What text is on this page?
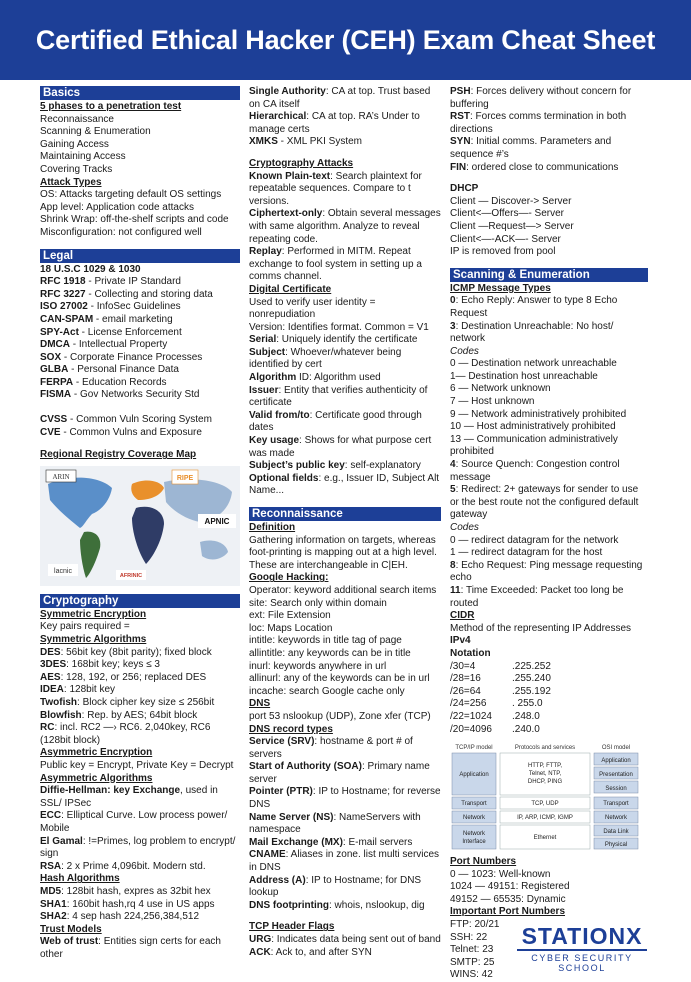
Certified Ethical Hacker (CEH) Exam Cheat Sheet
Basics
5 phases to a penetration test
Reconnaissance
Scanning & Enumeration
Gaining Access
Maintaining Access
Covering Tracks
Attack Types
OS: Attacks targeting default OS settings
App level: Application code attacks
Shrink Wrap: off-the-shelf scripts and code
Misconfiguration: not configured well
Legal
18 U.S.C 1029 & 1030
RFC 1918 - Private IP Standard
RFC 3227 - Collecting and storing data
ISO 27002 - InfoSec Guidelines
CAN-SPAM - email marketing
SPY-Act - License Enforcement
DMCA - Intellectual Property
SOX - Corporate Finance Processes
GLBA - Personal Finance Data
FERPA - Education Records
FISMA - Gov Networks Security Std
CVSS - Common Vuln Scoring System
CVE - Common Vulns and Exposure
Regional Registry Coverage Map
ARIN	RIPE
APNIC
lacnic
AFRINIC
Cryptography
Symmetric Encryption
Key pairs required =
Symmetric Algorithms
DES: 56bit key (8bit parity); fixed block
3DES: 168bit key; keys ≤ 3
AES: 128, 192, or 256; replaced DES
IDEA: 128bit key
Twofish: Block cipher key size ≤ 256bit
Blowfish: Rep. by AES; 64bit block
RC: incl. RC2 —› RC6. 2,040key, RC6 (128bit block)
Asymmetric Encryption
Public key = Encrypt, Private Key = Decrypt
Asymmetric Algorithms
Diffie-Hellman: key Exchange, used in SSL/ IPSec
ECC: Elliptical Curve. Low process power/ Mobile
El Gamal: !=Primes, log problem to encrypt/ sign
RSA: 2 x Prime 4,096bit. Modern std.
Hash Algorithms
MD5: 128bit hash, expres as 32bit hex
SHA1: 160bit hash,rq 4 use in US apps
SHA2: 4 sep hash 224,256,384,512
Trust Models
Web of trust: Entities sign certs for each other
Single Authority: CA at top. Trust based on CA itself
Hierarchical: CA at top. RA’s Under to manage certs
XMKS - XML PKI System
Cryptography Attacks
Known Plain-text: Search plaintext for repeatable sequences. Compare to t versions.
Ciphertext-only: Obtain several messages with same algorithm. Analyze to reveal repeating code.
Replay: Performed in MITM. Repeat exchange to fool system in setting up a comms channel.
Digital Certificate
Used to verify user identity = nonrepudiation
Version: Identifies format. Common = V1
Serial: Uniquely identify the certificate
Subject: Whoever/whatever being identified by cert
Algorithm ID: Algorithm used
Issuer: Entity that verifies authenticity of certificate
Valid from/to: Certificate good through dates
Key usage: Shows for what purpose cert was made
Subject’s public key: self-explanatory
Optional fields: e.g., Issuer ID, Subject Alt Name...
Reconnaissance
Definition
Gathering information on targets, whereas foot-printing is mapping out at a high level. These are interchangeable in C|EH.
Google Hacking:
Operator: keyword additional search items
site: Search only within domain
ext: File Extension
loc: Maps Location
intitle: keywords in title tag of page
allintitle: any keywords can be in title
inurl: keywords anywhere in url
allinurl: any of the keywords can be in url
incache: search Google cache only
DNS
port 53 nslookup (UDP), Zone xfer (TCP)
DNS record types
Service (SRV): hostname & port # of servers
Start of Authority (SOA): Primary name server
Pointer (PTR): IP to Hostname; for reverse DNS
Name Server (NS): NameServers with namespace
Mail Exchange (MX): E-mail servers
CNAME: Aliases in zone. list multi services in DNS
Address (A): IP to Hostname; for DNS lookup
DNS footprinting: whois, nslookup, dig
TCP Header Flags
URG: Indicates data being sent out of band
ACK: Ack to, and after SYN
PSH: Forces delivery without concern for buffering
RST: Forces comms termination in both directions
SYN: Initial comms. Parameters and sequence #’s
FIN: ordered close to communications
DHCP
Client — Discover-> Server
Client<—Offers—- Server
Client —Request—> Server
Client<—-ACK—- Server
IP is removed from pool
Scanning & Enumeration
ICMP Message Types
0: Echo Reply: Answer to type 8 Echo Request
3: Destination Unreachable: No host/ network
Codes
0 — Destination network unreachable
1— Destination host unreachable
6 — Network unknown
7 — Host unknown
9 — Network administratively prohibited
10 — Host administratively prohibited
13 — Communication administratively prohibited
4: Source Quench: Congestion control message
5: Redirect: 2+ gateways for sender to use or the best route not the configured default gateway
Codes
0 — redirect datagram for the network
1 — redirect datagram for the host
8: Echo Request: Ping message requesting echo
11: Time Exceeded: Packet too long be routed
CIDR
Method of the representing IP Addresses IPv4
Notation
/30=4	.225.252
/28=16	.255.240
/26=64	.255.192
/24=256	. 255.0
/22=1024 .248.0
/20=4096 .240.0
TCP/IP model	Protocols and services	OSI model
Application
Transport
Network
Network
Interface
HTTP, FTTP,
Telnet, NTP,
DHCP, PING
TCP, UDP
IP, ARP, ICMP, IGMP
Ethernet
Application
Presentation
Session
Transport
Network
Data Link
Physical
Port Numbers
0 — 1023: Well-known
1024 — 49151: Registered
49152 — 65535: Dynamic
Important Port Numbers
FTP: 20/21
SSH: 22
Telnet: 23
SMTP: 25
WINS: 42
STATIONX
CYBER SECURITY SCHOOL
